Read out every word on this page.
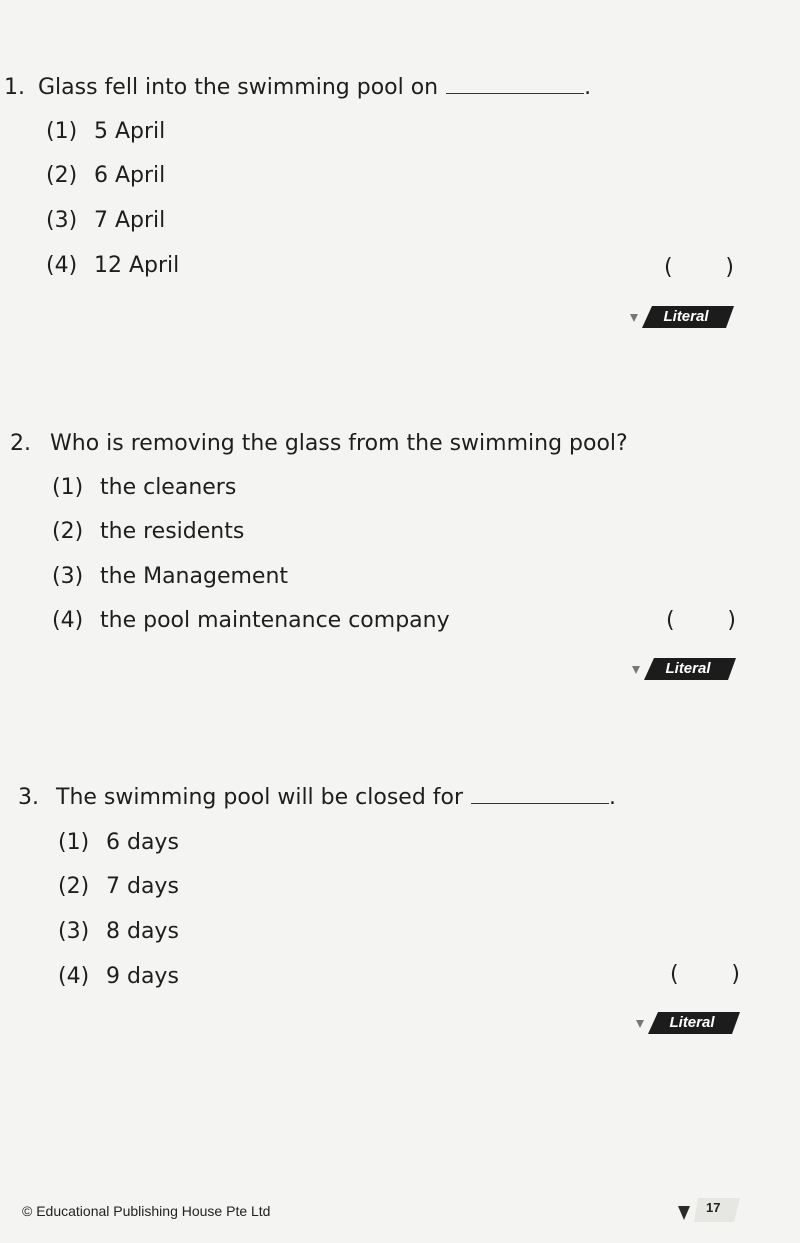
1. Glass fell into the swimming pool on	.
(1) 5 April
(2) 6 April
(3) 7 April
(4) 12 April	( )
Literal
2. Who is removing the glass from the swimming pool?
(1) the cleaners
(2) the residents
(3) the Management
(4) the pool maintenance company	( )
Literal
3. The swimming pool will be closed for	.
(1) 6 days
(2) 7 days
(3) 8 days
(4) 9 days	( )
Literal
© Educational Publishing House Pte Ltd	17
